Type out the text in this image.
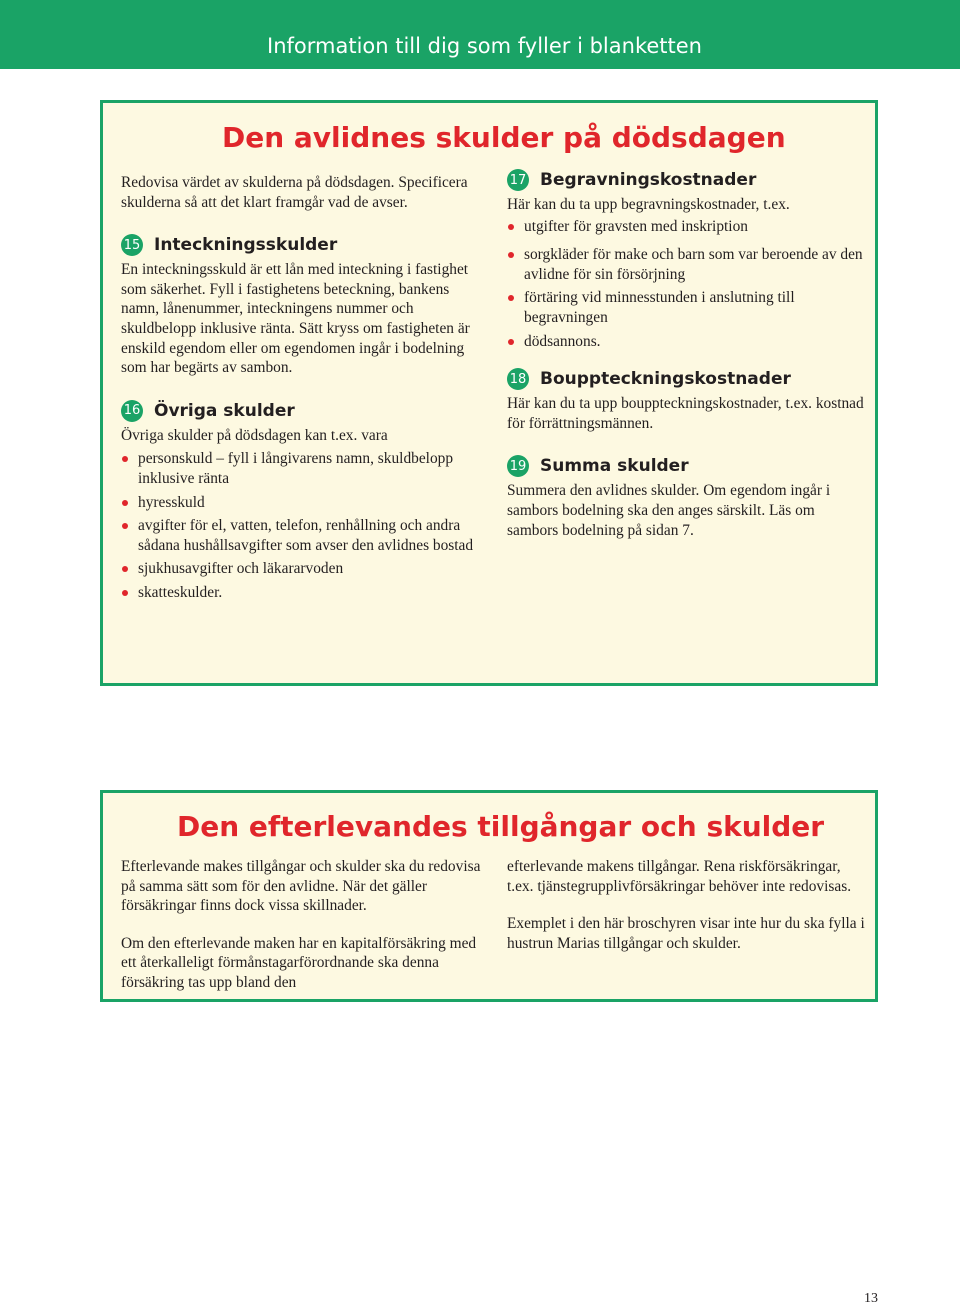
Information till dig som fyller i blanketten
Den avlidnes skulder på dödsdagen

Redovisa värdet av skulderna på dödsdagen. Specificera skulderna så att det klart framgår vad de avser.

15 Inteckningsskulder

En inteckningsskuld är ett lån med inteckning i fastighet som säkerhet. Fyll i fastighetens beteckning, bankens namn, lånenummer, inteckningens nummer och skuldbelopp inklusive ränta. Sätt kryss om fastigheten är enskild egendom eller om egendomen ingår i bodelning som har begärts av sambon.

16 Övriga skulder

Övriga skulder på dödsdagen kan t.ex. vara

personskuld – fyll i långivarens namn, skuldbelopp inklusive ränta
hyresskuld
avgifter för el, vatten, telefon, renhållning och andra sådana hushållsavgifter som avser den avlidnes bostad
sjukhusavgifter och läkararvoden
skatteskulder.
17 Begravningskostnader

Här kan du ta upp begravningskostnader, t.ex.

utgifter för gravsten med inskription
sorgkläder för make och barn som var beroende av den avlidne för sin försörjning
förtäring vid minnesstunden i anslutning till begravningen
dödsannons.
18 Bouppteckningskostnader

Här kan du ta upp bouppteckningskostnader, t.ex. kostnad för förrättningsmännen.

19 Summa skulder

Summera den avlidnes skulder. Om egendom ingår i sambors bodelning ska den anges särskilt. Läs om sambors bodelning på sidan 7.

Den efterlevandes tillgångar och skulder

Efterlevande makes tillgångar och skulder ska du redovisa på samma sätt som för den avlidne. När det gäller försäkringar finns dock vissa skillnader.

Om den efterlevande maken har en kapitalförsäkring med ett återkalleligt förmånstagarförordnande ska denna försäkring tas upp bland den

efterlevande makens tillgångar. Rena riskförsäkringar, t.ex. tjänstegrupplivförsäkringar behöver inte redovisas.

Exemplet i den här broschyren visar inte hur du ska fylla i hustrun Marias tillgångar och skulder.

13
